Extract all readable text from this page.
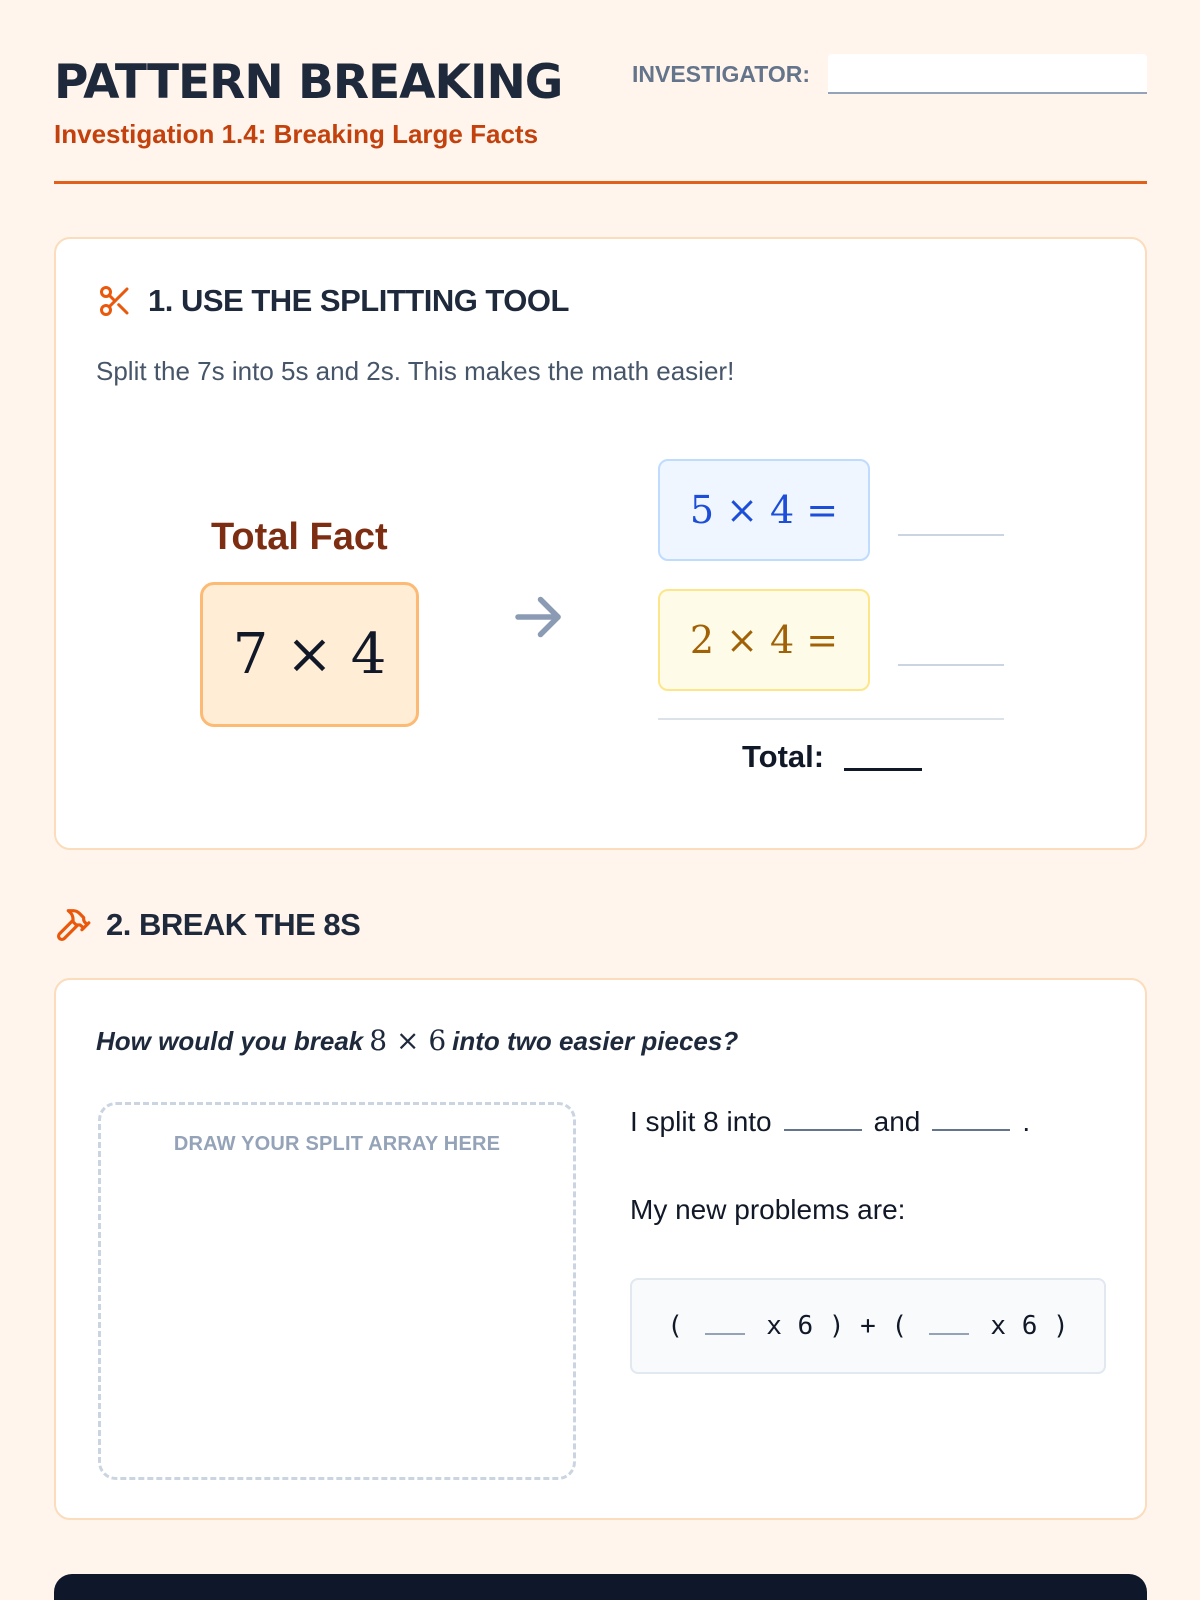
PATTERN BREAKING
Investigation 1.4: Breaking Large Facts
INVESTIGATOR:
1. USE THE SPLITTING TOOL
Split the 7s into 5s and 2s. This makes the math easier!
Total Fact
7 × 4
5 × 4 =
2 × 4 =
Total:
2. BREAK THE 8S
How would you break 8 × 6 into two easier pieces?
DRAW YOUR SPLIT ARRAY HERE
I split 8 into	and	.
My new problems are:
( x 6 ) + ( x 6 )
